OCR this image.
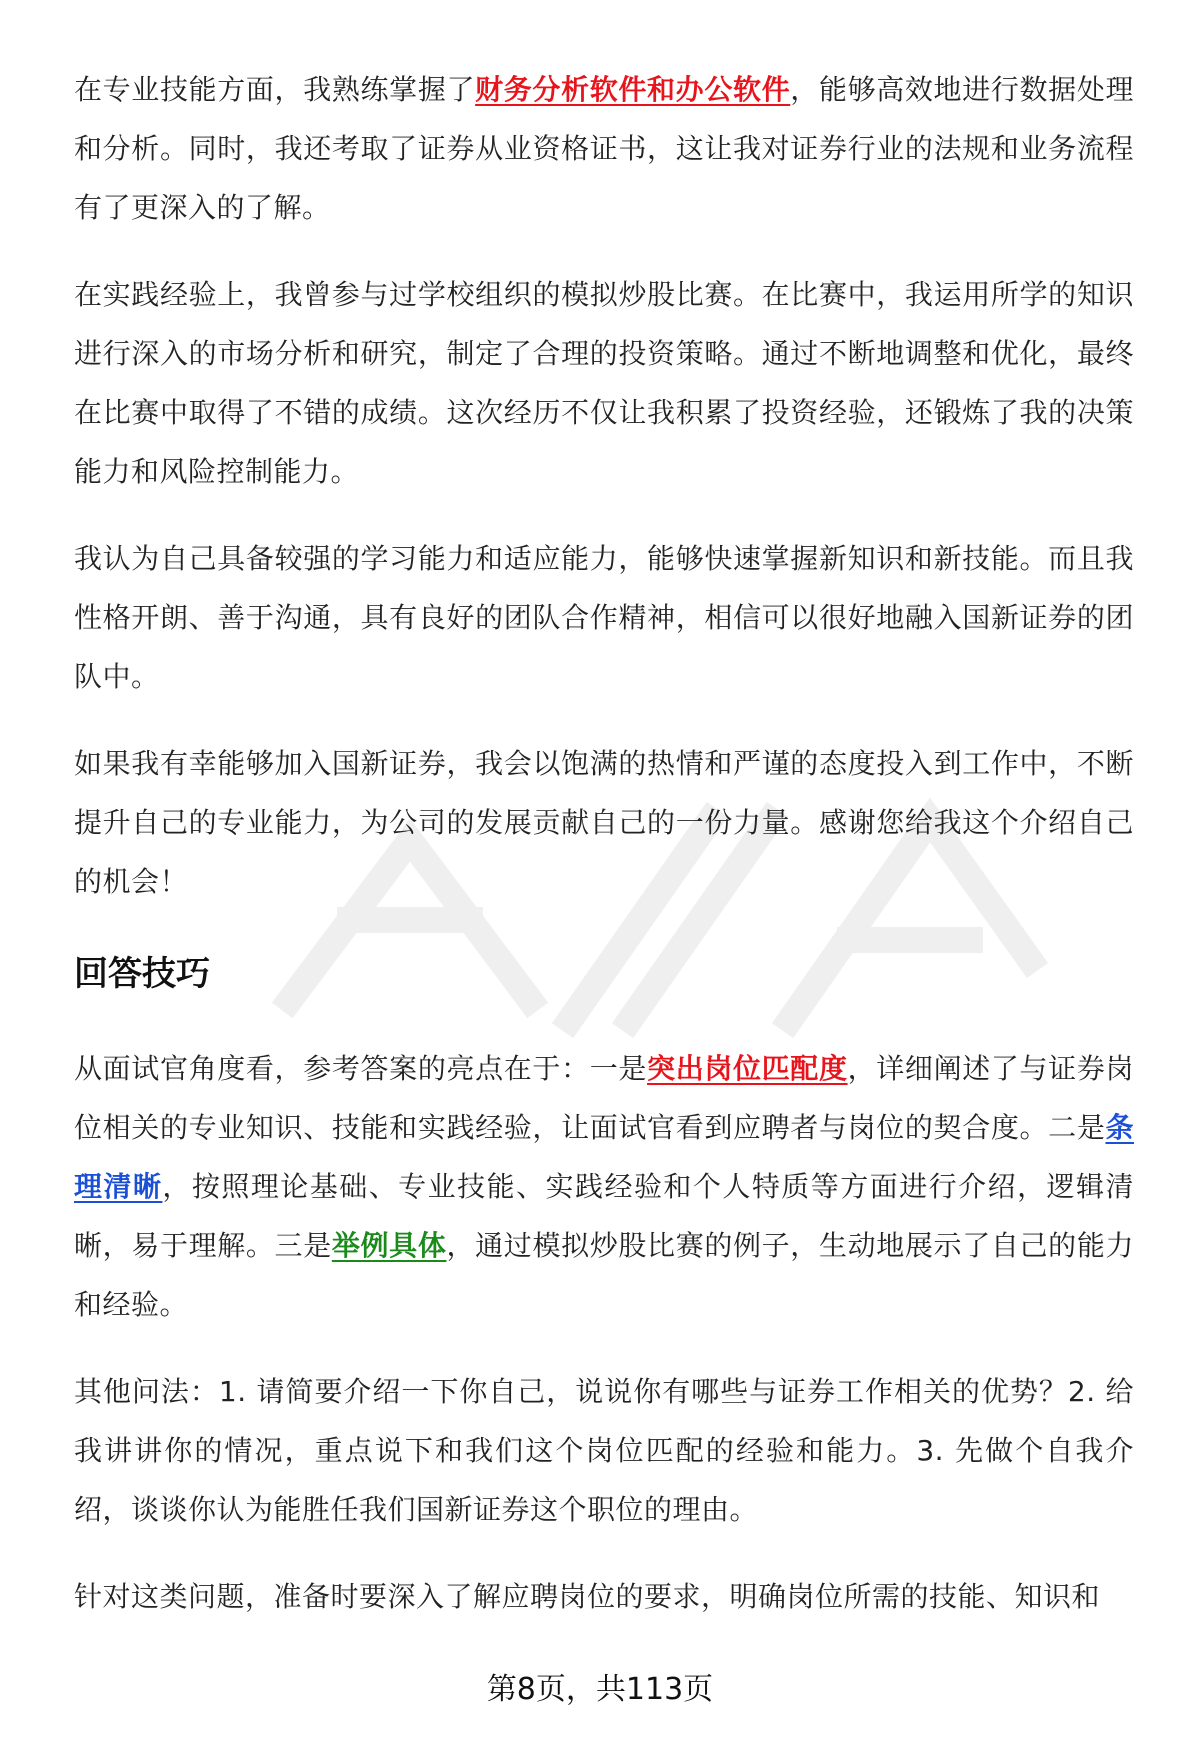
在专业技能方面，我熟练掌握了财务分析软件和办公软件，能够高效地进行数据处理和分析。同时，我还考取了证券从业资格证书，这让我对证券行业的法规和业务流程有了更深入的了解。

在实践经验上，我曾参与过学校组织的模拟炒股比赛。在比赛中，我运用所学的知识进行深入的市场分析和研究，制定了合理的投资策略。通过不断地调整和优化，最终在比赛中取得了不错的成绩。这次经历不仅让我积累了投资经验，还锻炼了我的决策能力和风险控制能力。

我认为自己具备较强的学习能力和适应能力，能够快速掌握新知识和新技能。而且我性格开朗、善于沟通，具有良好的团队合作精神，相信可以很好地融入国新证券的团队中。

如果我有幸能够加入国新证券，我会以饱满的热情和严谨的态度投入到工作中，不断提升自己的专业能力，为公司的发展贡献自己的一份力量。感谢您给我这个介绍自己的机会！

回答技巧

从面试官角度看，参考答案的亮点在于：一是突出岗位匹配度，详细阐述了与证券岗位相关的专业知识、技能和实践经验，让面试官看到应聘者与岗位的契合度。二是条理清晰，按照理论基础、专业技能、实践经验和个人特质等方面进行介绍，逻辑清晰，易于理解。三是举例具体，通过模拟炒股比赛的例子，生动地展示了自己的能力和经验。

其他问法：1. 请简要介绍一下你自己，说说你有哪些与证券工作相关的优势？2. 给我讲讲你的情况，重点说下和我们这个岗位匹配的经验和能力。3. 先做个自我介绍，谈谈你认为能胜任我们国新证券这个职位的理由。

针对这类问题，准备时要深入了解应聘岗位的要求，明确岗位所需的技能、知识和

第8页，共113页
